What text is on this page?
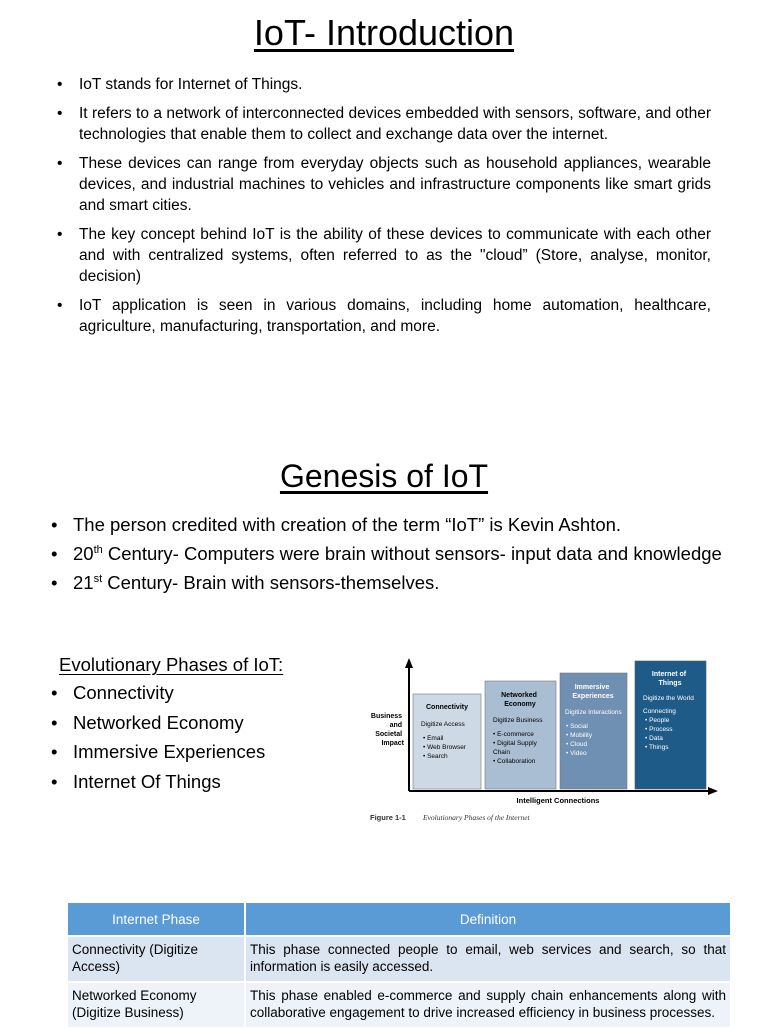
IoT- Introduction
• IoT stands for Internet of Things.
• It refers to a network of interconnected devices embedded with sensors, software, and other technologies that enable them to collect and exchange data over the internet.
• These devices can range from everyday objects such as household appliances, wearable devices, and industrial machines to vehicles and infrastructure components like smart grids and smart cities.
• The key concept behind IoT is the ability of these devices to communicate with each other and with centralized systems, often referred to as the "cloud” (Store, analyse, monitor, decision)
• IoT application is seen in various domains, including home automation, healthcare, agriculture, manufacturing, transportation, and more.
Genesis of IoT
• The person credited with creation of the term “IoT” is Kevin Ashton.
• 20th Century- Computers were brain without sensors- input data and knowledge
• 21st Century- Brain with sensors-themselves.
Evolutionary Phases of IoT:
• Connectivity
• Networked Economy
• Immersive Experiences
• Internet Of Things
Business and Societal Impact
Connectivity
Digitize Access
• Email • Web Browser • Search
Networked Economy
Digitize Business
• E-commerce • Digital Supply Chain • Collaboration
Immersive Experiences
Digitize Interactions
• Social • Mobility • Cloud • Video
Internet of Things
Digitize the World
Connecting • People • Process • Data • Things
Intelligent Connections
Figure 1-1 Evolutionary Phases of the Internet
Internet Phase	Definition
Connectivity (Digitize Access)	This phase connected people to email, web services and search, so that information is easily accessed.
Networked Economy (Digitize Business)	This phase enabled e-commerce and supply chain enhancements along with collaborative engagement to drive increased efficiency in business processes.
